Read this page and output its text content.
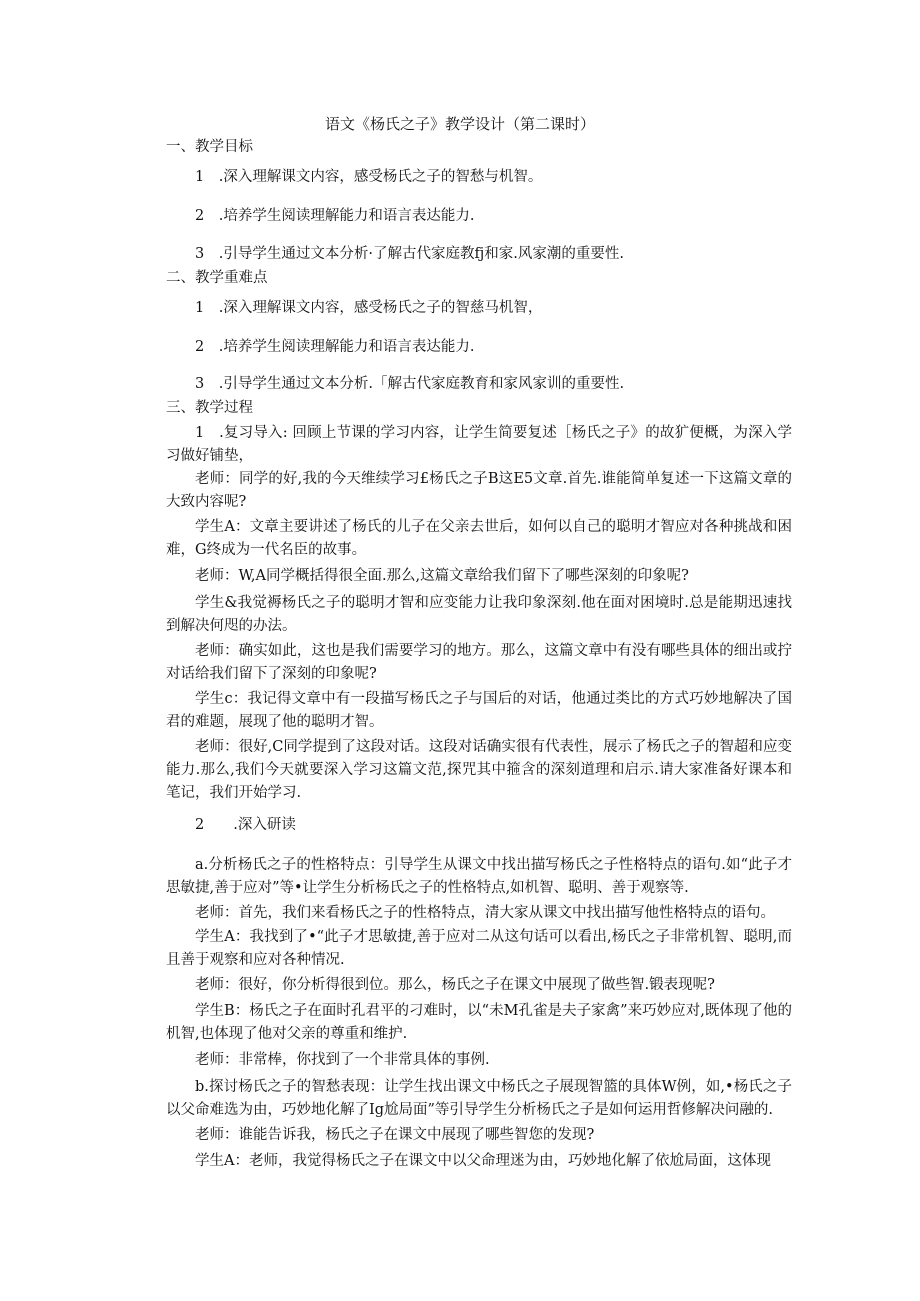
语文《杨氏之子》教学设计（第二课时）
一、教学目标
1　.深入理解课文内容，感受杨氏之子的智愁与机智。
2　.培养学生阅读理解能力和语言表达能力.
3　.引导学生通过文本分析·了解古代家庭教fj和家.风家潮的重要性.
二、教学重难点
1　.深入理解课文内容，感受杨氏之子的智慈马机智，
2　.培养学生阅读理解能力和语言表达能力.
3　.引导学生通过文本分析.「解古代家庭教育和家风家训的重要性.
三、教学过程
1　.复习导入: 回顾上节课的学习内容，让学生简要复述［杨氏之子》的故犷便概，为深入学习做好铺垫，
老师：同学的好,我的今天维续学习£杨氏之子B这E5文章.首先.谁能简单复述一下这篇文章的大致内容呢?
学生A：文章主要讲述了杨氏的儿子在父亲去世后，如何以自己的聪明才智应对各种挑战和困难，G终成为一代名臣的故事。
老师：W,A同学概括得很全面.那么,这篇文章给我们留下了哪些深刻的印象呢?
学生&我觉褥杨氏之子的聪明才智和应变能力让我印象深刻.他在面对困境时.总是能期迅速找到解决何咫的办法。
老师：确实如此，这也是我们需要学习的地方。那么，这篇文章中有没有哪些具体的细出或拧对话给我们留下了深刻的印象呢?
学生c：我记得文章中有一段描写杨氏之子与国后的对话，他通过类比的方式巧妙地解决了国君的难题，展现了他的聪明才智。
老师：很好,C同学提到了这段对话。这段对话确实很有代表性，展示了杨氏之子的智超和应变能力.那么,我们今天就要深入学习这篇文范,探咒其中箍含的深刻道理和启示.请大家准备好课本和笔记，我们开始学习.
2　　.深入研读
a.分析杨氏之子的性格特点：引导学生从课文中找出描写杨氏之子性格特点的语句.如“此子才思敏捷,善于应对”等•让学生分析杨氏之子的性格特点,如机智、聪明、善于观察等.
老师：首先，我们来看杨氏之子的性格特点，清大家从课文中找出描写他性格特点的语句。
学生A：我找到了•“此子才思敏捷,善于应对二从这句话可以看出,杨氏之子非常机智、聪明,而且善于观察和应对各种情况.
老师：很好，你分析得很到位。那么，杨氏之子在课文中展现了做些智.锻表现呢?
学生B：杨氏之子在面时孔君平的刁难时，以“未M孔雀是夫子家禽”来巧妙应对,既体现了他的机智,也体现了他对父亲的尊重和维护.
老师：非常棒，你找到了一个非常具体的事例.
b.探讨杨氏之子的智愁表现：让学生找出课文中杨氏之子展现智篮的具体W例，如,•杨氏之子以父命难选为由，巧妙地化解了Ig尬局面”等引导学生分析杨氏之子是如何运用哲修解决问融的.
老师：谁能告诉我，杨氏之子在课文中展现了哪些智您的发现?
学生A：老师，我觉得杨氏之子在课文中以父命理迷为由，巧妙地化解了依尬局面，这体现
